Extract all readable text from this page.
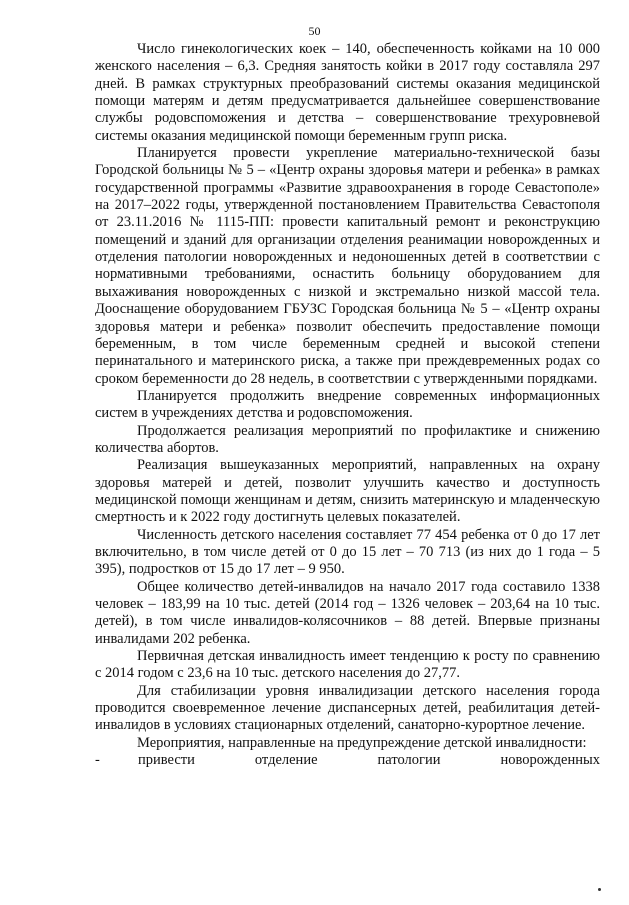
50

Число гинекологических коек – 140, обеспеченность койками на 10 000 женского населения – 6,3. Средняя занятость койки в 2017 году составляла 297 дней. В рамках структурных преобразований системы оказания медицинской помощи матерям и детям предусматривается дальнейшее совершенствование службы родовспоможения и детства – совершенствование трехуровневой системы оказания медицинской помощи беременным групп риска.

Планируется провести укрепление материально-технической базы Городской больницы № 5 – «Центр охраны здоровья матери и ребенка» в рамках государственной программы «Развитие здравоохранения в городе Севастополе» на 2017–2022 годы, утвержденной постановлением Правительства Севастополя от 23.11.2016 № 1115-ПП: провести капитальный ремонт и реконструкцию помещений и зданий для организации отделения реанимации новорожденных и отделения патологии новорожденных и недоношенных детей в соответствии с нормативными требованиями, оснастить больницу оборудованием для выхаживания новорожденных с низкой и экстремально низкой массой тела. Дооснащение оборудованием ГБУЗС Городская больница № 5 – «Центр охраны здоровья матери и ребенка» позволит обеспечить предоставление помощи беременным, в том числе беременным средней и высокой степени перинатального и материнского риска, а также при преждевременных родах со сроком беременности до 28 недель, в соответствии с утвержденными порядками.

Планируется продолжить внедрение современных информационных систем в учреждениях детства и родовспоможения.

Продолжается реализация мероприятий по профилактике и снижению количества абортов.

Реализация вышеуказанных мероприятий, направленных на охрану здоровья матерей и детей, позволит улучшить качество и доступность медицинской помощи женщинам и детям, снизить материнскую и младенческую смертность и к 2022 году достигнуть целевых показателей.

Численность детского населения составляет 77 454 ребенка от 0 до 17 лет включительно, в том числе детей от 0 до 15 лет – 70 713 (из них до 1 года – 5 395), подростков от 15 до 17 лет – 9 950.

Общее количество детей-инвалидов на начало 2017 года составило 1338 человек – 183,99 на 10 тыс. детей (2014 год – 1326 человек – 203,64 на 10 тыс. детей), в том числе инвалидов-колясочников – 88 детей. Впервые признаны инвалидами 202 ребенка.

Первичная детская инвалидность имеет тенденцию к росту по сравнению с 2014 годом с 23,6 на 10 тыс. детского населения до 27,77.

Для стабилизации уровня инвалидизации детского населения города проводится своевременное лечение диспансерных детей, реабилитация детей-инвалидов в условиях стационарных отделений, санаторно-курортное лечение.

Мероприятия, направленные на предупреждение детской инвалидности:

-	привести отделение патологии новорожденных
